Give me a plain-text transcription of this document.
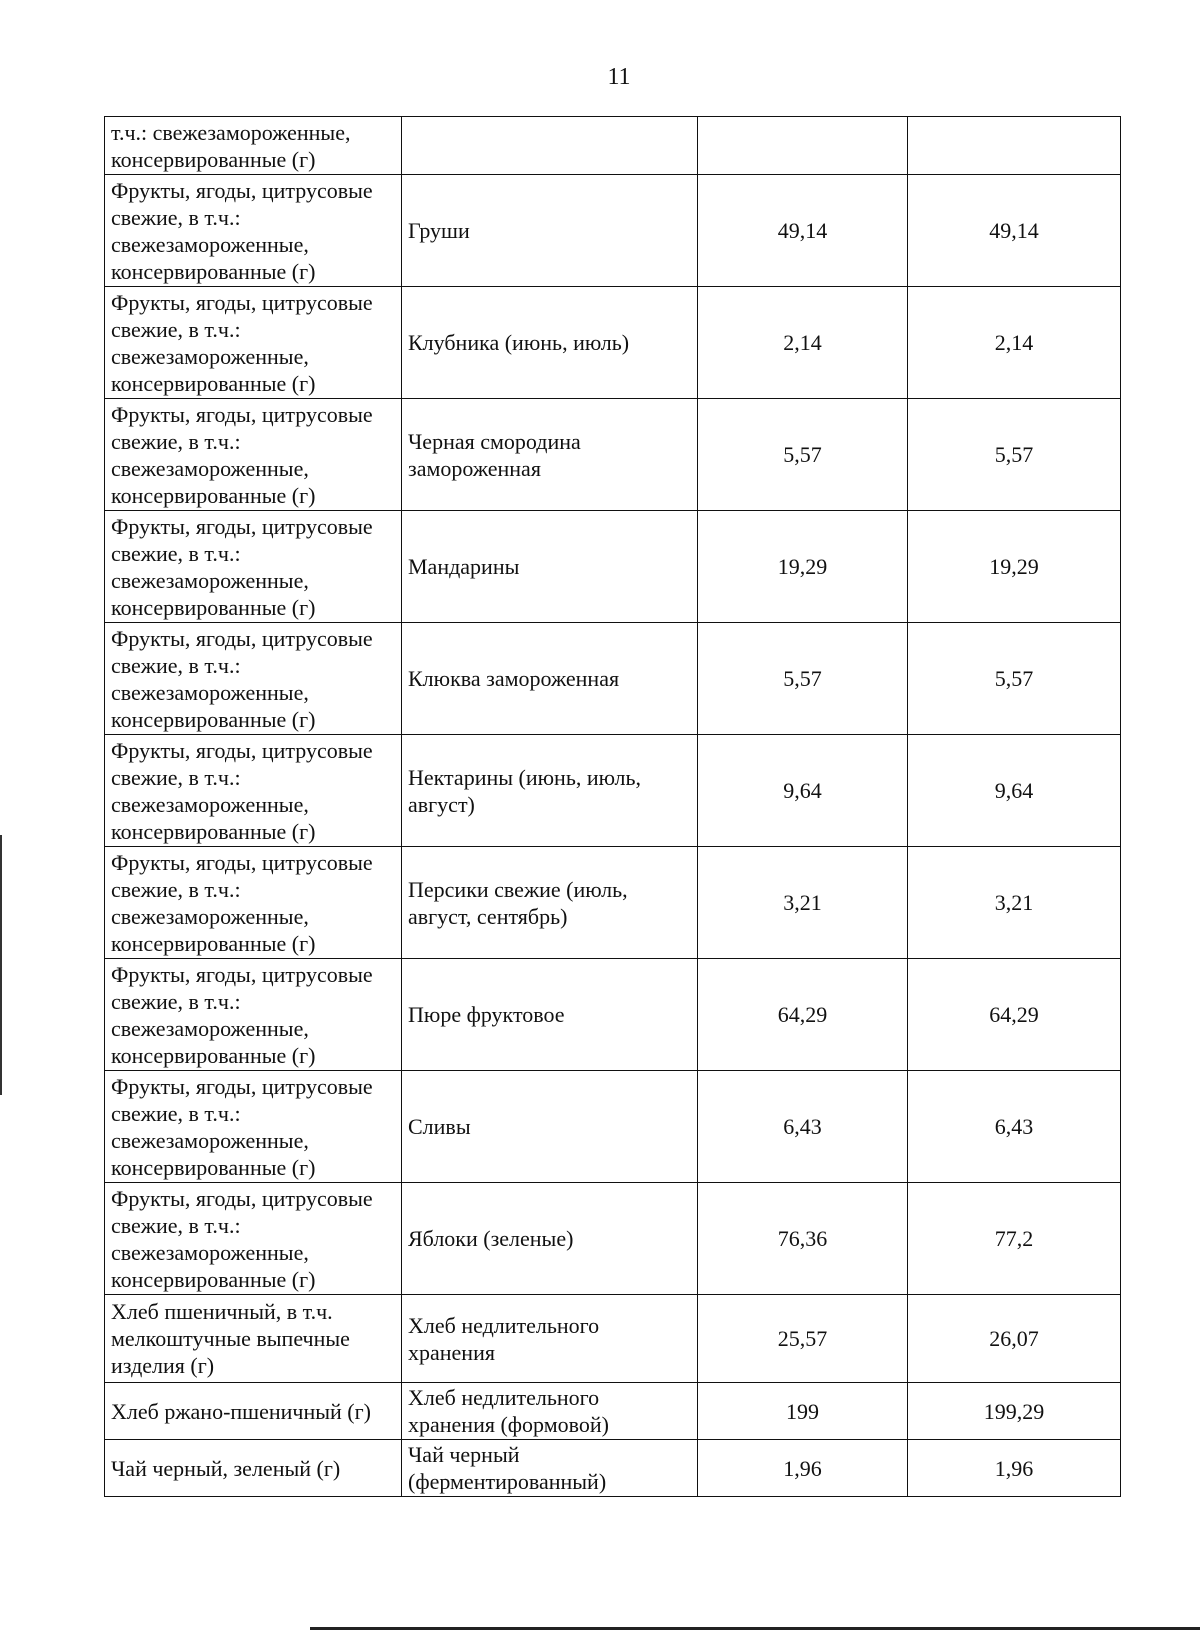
11
т.ч.: свежезамороженные, консервированные (г)			
Фрукты, ягоды, цитрусовые свежие, в т.ч.: свежезамороженные, консервированные (г)	Груши	49,14	49,14
Фрукты, ягоды, цитрусовые свежие, в т.ч.: свежезамороженные, консервированные (г)	Клубника (июнь, июль)	2,14	2,14
Фрукты, ягоды, цитрусовые свежие, в т.ч.: свежезамороженные, консервированные (г)	Черная смородина замороженная	5,57	5,57
Фрукты, ягоды, цитрусовые свежие, в т.ч.: свежезамороженные, консервированные (г)	Мандарины	19,29	19,29
Фрукты, ягоды, цитрусовые свежие, в т.ч.: свежезамороженные, консервированные (г)	Клюква замороженная	5,57	5,57
Фрукты, ягоды, цитрусовые свежие, в т.ч.: свежезамороженные, консервированные (г)	Нектарины (июнь, июль, август)	9,64	9,64
Фрукты, ягоды, цитрусовые свежие, в т.ч.: свежезамороженные, консервированные (г)	Персики свежие (июль, август, сентябрь)	3,21	3,21
Фрукты, ягоды, цитрусовые свежие, в т.ч.: свежезамороженные, консервированные (г)	Пюре фруктовое	64,29	64,29
Фрукты, ягоды, цитрусовые свежие, в т.ч.: свежезамороженные, консервированные (г)	Сливы	6,43	6,43
Фрукты, ягоды, цитрусовые свежие, в т.ч.: свежезамороженные, консервированные (г)	Яблоки (зеленые)	76,36	77,2
Хлеб пшеничный, в т.ч. мелкоштучные выпечные изделия (г)	Хлеб недлительного хранения	25,57	26,07
Хлеб ржано-пшеничный (г)	Хлеб недлительного хранения (формовой)	199	199,29
Чай черный, зеленый (г)	Чай черный (ферментированный)	1,96	1,96
